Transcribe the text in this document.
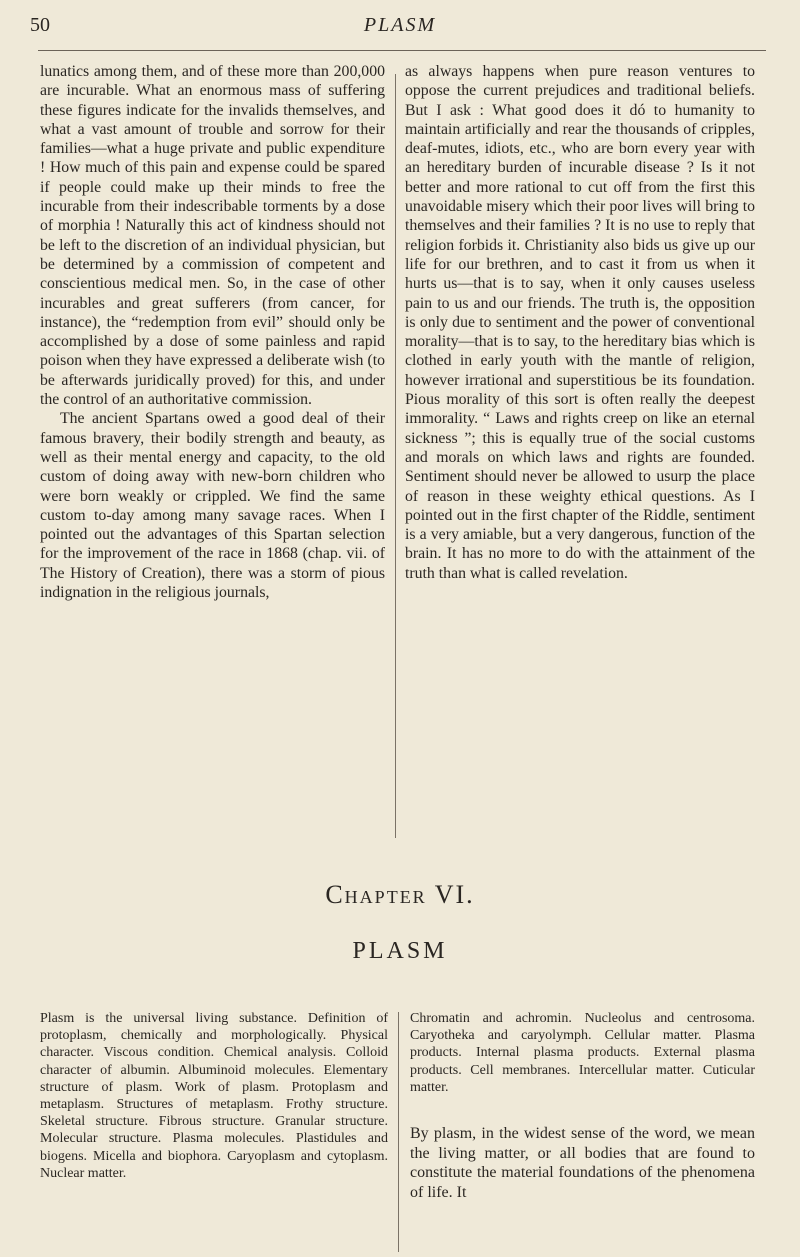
50	PLASM

lunatics among them, and of these more than 200,000 are incurable. What an enormous mass of suffering these figures indicate for the invalids themselves, and what a vast amount of trouble and sorrow for their families—what a huge private and public expenditure ! How much of this pain and expense could be spared if people could make up their minds to free the incurable from their indescribable torments by a dose of morphia ! Naturally this act of kindness should not be left to the discretion of an individual physician, but be determined by a commission of competent and conscientious medical men. So, in the case of other incurables and great sufferers (from cancer, for instance), the “redemption from evil” should only be accomplished by a dose of some painless and rapid poison when they have expressed a deliberate wish (to be afterwards juridically proved) for this, and under the control of an authoritative commission.

The ancient Spartans owed a good deal of their famous bravery, their bodily strength and beauty, as well as their mental energy and capacity, to the old custom of doing away with new-born children who were born weakly or crippled. We find the same custom to-day among many savage races. When I pointed out the advantages of this Spartan selection for the improvement of the race in 1868 (chap. vii. of The History of Creation), there was a storm of pious indignation in the religious journals,

as always happens when pure reason ventures to oppose the current prejudices and traditional beliefs. But I ask : What good does it dó to humanity to maintain artificially and rear the thousands of cripples, deaf-mutes, idiots, etc., who are born every year with an hereditary burden of incurable disease ? Is it not better and more rational to cut off from the first this unavoidable misery which their poor lives will bring to themselves and their families ? It is no use to reply that religion forbids it. Christianity also bids us give up our life for our brethren, and to cast it from us when it hurts us—that is to say, when it only causes useless pain to us and our friends. The truth is, the opposition is only due to sentiment and the power of conventional morality—that is to say, to the hereditary bias which is clothed in early youth with the mantle of religion, however irrational and superstitious be its foundation. Pious morality of this sort is often really the deepest immorality. “ Laws and rights creep on like an eternal sickness ”; this is equally true of the social customs and morals on which laws and rights are founded. Sentiment should never be allowed to usurp the place of reason in these weighty ethical questions. As I pointed out in the first chapter of the Riddle, sentiment is a very amiable, but a very dangerous, function of the brain. It has no more to do with the attainment of the truth than what is called revelation.

Chapter VI.
PLASM

Plasm is the universal living substance. Definition of protoplasm, chemically and morphologically. Physical character. Viscous condition. Chemical analysis. Colloid character of albumin. Albuminoid molecules. Elementary structure of plasm. Work of plasm. Protoplasm and metaplasm. Structures of metaplasm. Frothy structure. Skeletal structure. Fibrous structure. Granular structure. Molecular structure. Plasma molecules. Plastidules and biogens. Micella and biophora. Caryoplasm and cytoplasm. Nuclear matter.

Chromatin and achromin. Nucleolus and centrosoma. Caryotheka and caryolymph. Cellular matter. Plasma products. Internal plasma products. External plasma products. Cell membranes. Intercellular matter. Cuticular matter.

By plasm, in the widest sense of the word, we mean the living matter, or all bodies that are found to constitute the material foundations of the phenomena of life. It
